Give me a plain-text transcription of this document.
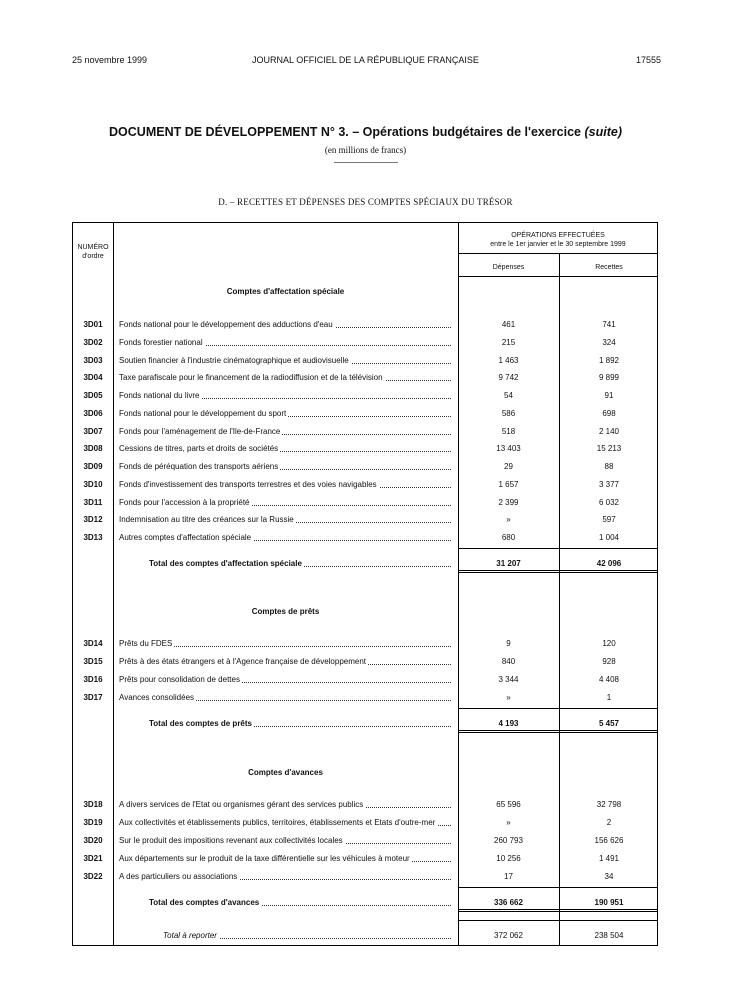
25 novembre 1999	JOURNAL OFFICIEL DE LA RÉPUBLIQUE FRANÇAISE	17555
DOCUMENT DE DÉVELOPPEMENT N° 3. – Opérations budgétaires de l'exercice (suite)
(en millions de francs)
D. – RECETTES ET DÉPENSES DES COMPTES SPÉCIAUX DU TRÉSOR
NUMÉRO
d'ordre
OPÉRATIONS EFFECTUÉES
entre le 1er janvier et le 30 septembre 1999
Dépenses	Recettes
Comptes d'affectation spéciale
3D01	Fonds national pour le développement des adductions d'eau	461	741
3D02	Fonds forestier national	215	324
3D03	Soutien financier à l'industrie cinématographique et audiovisuelle	1 463	1 892
3D04	Taxe parafiscale pour le financement de la radiodiffusion et de la télévision	9 742	9 899
3D05	Fonds national du livre	54	91
3D06	Fonds national pour le développement du sport	586	698
3D07	Fonds pour l'aménagement de l'Ile-de-France	518	2 140
3D08	Cessions de titres, parts et droits de sociétés	13 403	15 213
3D09	Fonds de péréquation des transports aériens	29	88
3D10	Fonds d'investissement des transports terrestres et des voies navigables	1 657	3 377
3D11	Fonds pour l'accession à la propriété	2 399	6 032
3D12	Indemnisation au titre des créances sur la Russie	»	597
3D13	Autres comptes d'affectation spéciale	680	1 004
Total des comptes d'affectation spéciale	31 207	42 096
Comptes de prêts
3D14	Prêts du FDES	9	120
3D15	Prêts à des états étrangers et à l'Agence française de développement	840	928
3D16	Prêts pour consolidation de dettes	3 344	4 408
3D17	Avances consolidées	»	1
Total des comptes de prêts	4 193	5 457
Comptes d'avances
3D18	A divers services de l'Etat ou organismes gérant des services publics	65 596	32 798
3D19	Aux collectivités et établissements publics, territoires, établissements et Etats d'outre-mer	»	2
3D20	Sur le produit des impositions revenant aux collectivités locales	260 793	156 626
3D21	Aux départements sur le produit de la taxe différentielle sur les véhicules à moteur	10 256	1 491
3D22	A des particuliers ou associations	17	34
Total des comptes d'avances	336 662	190 951
Total à reporter	372 062	238 504
